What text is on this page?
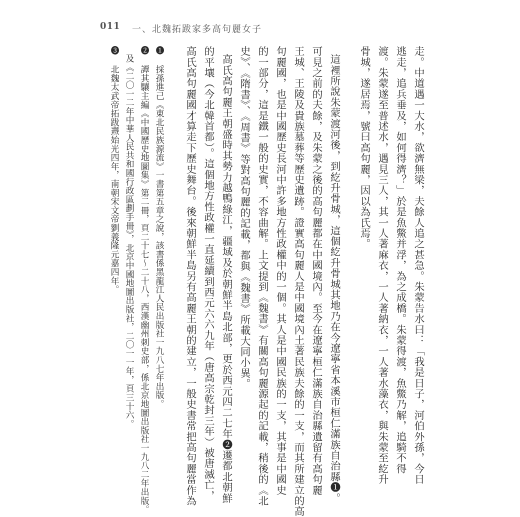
011 一、北魏拓跋家多高句麗女子
走。中道遇一大水，欲濟無梁，夫餘人追之甚急。朱蒙告水曰：「我是日子，河伯外孫，今日
逃走，追兵垂及，如何得濟？」於是魚鱉并浮，為之成橋。朱蒙得渡，魚鱉乃解，追騎不得
渡。朱蒙遂至普述水，遇見三人，其一人著麻衣，一人著納衣，一人著水藻衣，與朱蒙至紇升
骨城，遂居焉，號曰高句麗，因以為氏焉。
這裡所說朱蒙渡河後，到紇升骨城，這個紇升骨城其地乃在今遼寧省本溪市桓仁滿族自治縣❶。
可見之前的夫餘，及朱蒙之後的高句麗都在中國境內。至今在遼寧桓仁滿族自治縣遺留有高句麗
王城、王陵及貴族墓葬等歷史遺跡。證實高句麗人是中國境內土著民族夫餘的一支，而其所建立的高
句麗國，也是中國歷史長河中許多地方性政權中的一個。其人是中國民族的一支，其事是中國史
的一部分，這是鐵一般的史實，不容曲解。上文提到《魏書》有關高句麗源起的記載，稍後的《北
史》、《隋書》、《周書》等對高句麗的記載，都與《魏書》所載大同小異。
高氏高句麗王朝盛時其勢力越鴨綠江，疆域及於朝鮮半島北部，更於西元四二七年❷遷都北朝鮮
的平壤（今北韓首都）。這個地方性政權一直延續到西元六六九年（唐高宗乾封三年）被唐滅亡，
高氏高句麗國才算走下歷史舞台。後來朝鮮半島另有高麗王朝的建立，一般史書常把高句麗當作為
❶ 採孫進己《東北民族源流》一書第五章之說，該書係黑龍江人民出版社一九八七年出版。
❷ 譚其驤主編《中國歷史地圖集》第二冊，頁二十七～二十八，西漢幽州刺史部，係北京地圖出版社一九八二年出版。
及《二〇一二年中華人民共和國行政區劃手冊》，北京中國地圖出版社，二〇一一年，頁三十六。
❸ 北魏太武帝拓跋燾始光四年，南朝宋文帝劉義隆元嘉四年。
